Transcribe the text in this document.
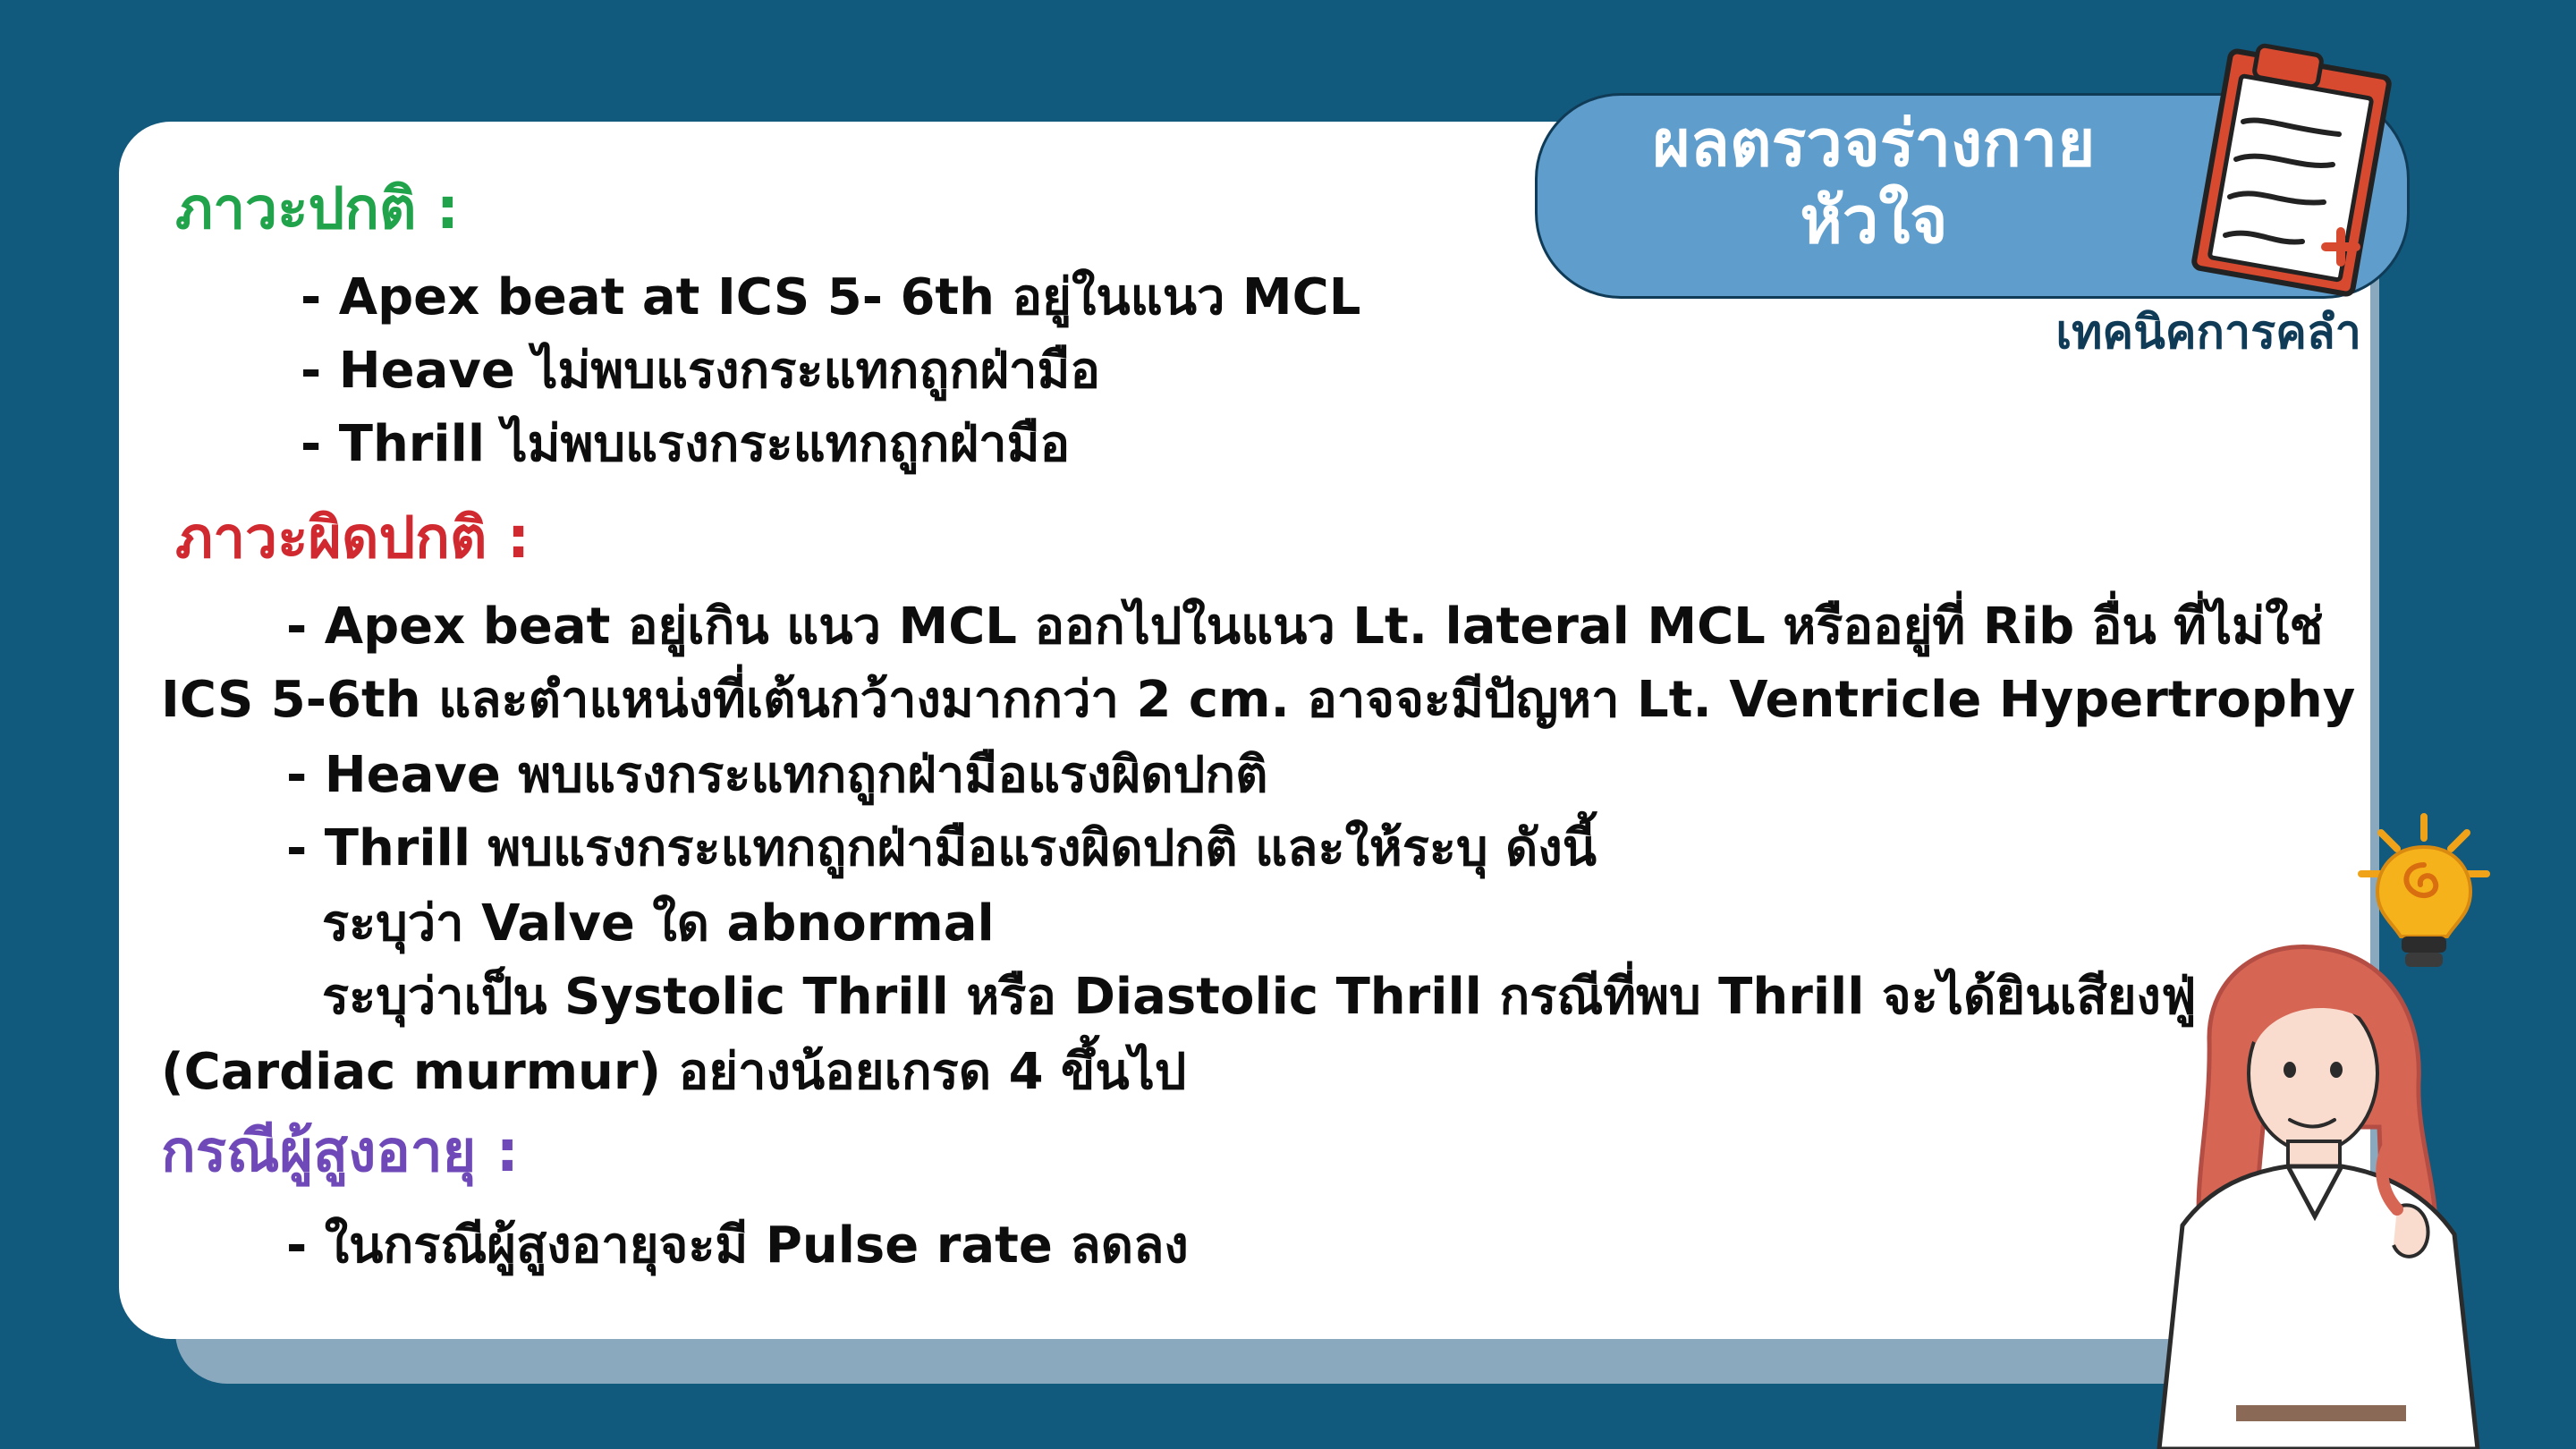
ผลตรวจร่างกาย
หัวใจ
เทคนิคการคลำ
ภาวะปกติ :
- Apex beat at ICS 5- 6th อยู่ในแนว MCL
- Heave ไม่พบแรงกระแทกถูกฝ่ามือ
- Thrill ไม่พบแรงกระแทกถูกฝ่ามือ
ภาวะผิดปกติ :
- Apex beat อยู่เกิน แนว MCL ออกไปในแนว Lt. lateral MCL หรืออยู่ที่ Rib อื่น ที่ไม่ใช่
ICS 5-6th และตำแหน่งที่เต้นกว้างมากกว่า 2 cm. อาจจะมีปัญหา Lt. Ventricle Hypertrophy
- Heave พบแรงกระแทกถูกฝ่ามือแรงผิดปกติ
- Thrill พบแรงกระแทกถูกฝ่ามือแรงผิดปกติ และให้ระบุ ดังนี้
ระบุว่า Valve ใด abnormal
ระบุว่าเป็น Systolic Thrill หรือ Diastolic Thrill กรณีที่พบ Thrill จะได้ยินเสียงฟู่
(Cardiac murmur) อย่างน้อยเกรด 4 ขึ้นไป
กรณีผู้สูงอายุ :
- ในกรณีผู้สูงอายุจะมี Pulse rate ลดลง
